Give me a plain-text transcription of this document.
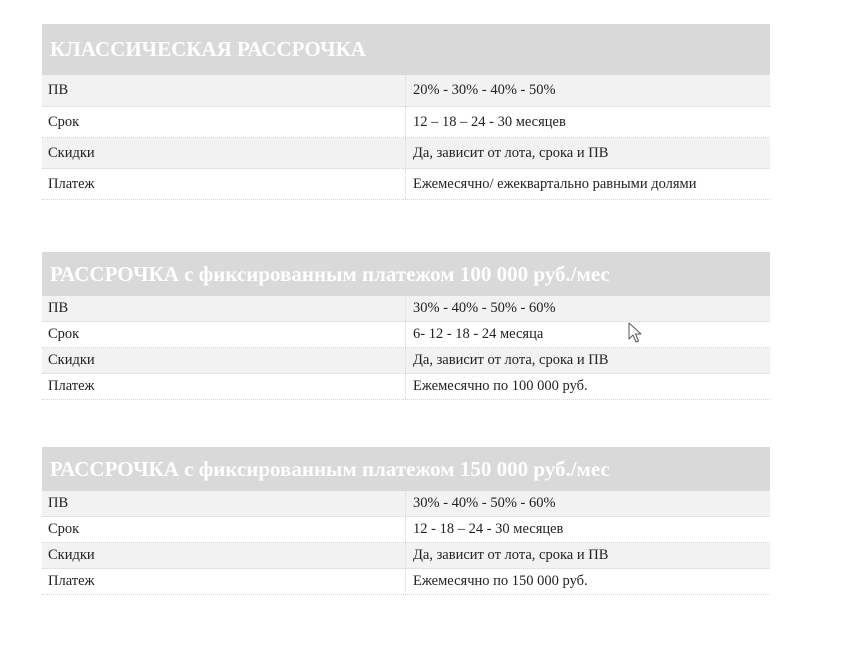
КЛАССИЧЕСКАЯ РАССРОЧКА
ПВ	20% - 30% - 40% - 50%
Срок	12 – 18 – 24 - 30 месяцев
Скидки	Да, зависит от лота, срока и ПВ
Платеж	Ежемесячно/ ежеквартально равными долями
РАССРОЧКА с фиксированным платежом 100 000 руб./мес
ПВ	30% - 40% - 50% - 60%
Срок	6- 12 - 18 - 24 месяца
Скидки	Да, зависит от лота, срока и ПВ
Платеж	Ежемесячно по 100 000 руб.
РАССРОЧКА с фиксированным платежом 150 000 руб./мес
ПВ	30% - 40% - 50% - 60%
Срок	12 - 18 – 24 - 30 месяцев
Скидки	Да, зависит от лота, срока и ПВ
Платеж	Ежемесячно по 150 000 руб.
